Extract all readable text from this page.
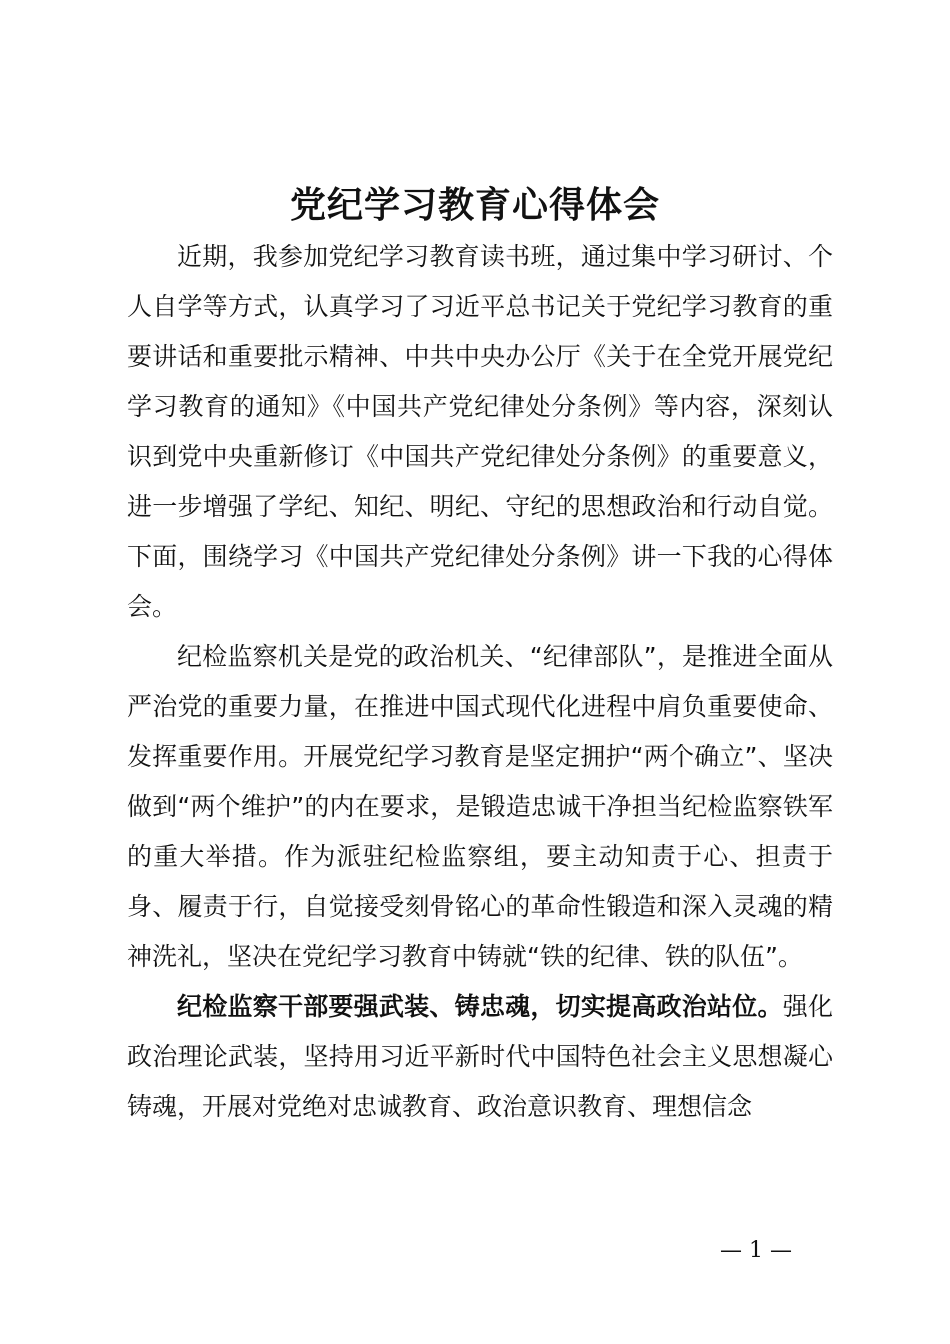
党纪学习教育心得体会

近期，我参加党纪学习教育读书班，通过集中学习研讨、个人自学等方式，认真学习了习近平总书记关于党纪学习教育的重要讲话和重要批示精神、中共中央办公厅《关于在全党开展党纪学习教育的通知》《中国共产党纪律处分条例》等内容，深刻认识到党中央重新修订《中国共产党纪律处分条例》的重要意义，进一步增强了学纪、知纪、明纪、守纪的思想政治和行动自觉。下面，围绕学习《中国共产党纪律处分条例》讲一下我的心得体会。

纪检监察机关是党的政治机关、“纪律部队”，是推进全面从严治党的重要力量，在推进中国式现代化进程中肩负重要使命、发挥重要作用。开展党纪学习教育是坚定拥护“两个确立”、坚决做到“两个维护”的内在要求，是锻造忠诚干净担当纪检监察铁军的重大举措。作为派驻纪检监察组，要主动知责于心、担责于身、履责于行，自觉接受刻骨铭心的革命性锻造和深入灵魂的精神洗礼，坚决在党纪学习教育中铸就“铁的纪律、铁的队伍”。

纪检监察干部要强武装、铸忠魂，切实提高政治站位。强化政治理论武装，坚持用习近平新时代中国特色社会主义思想凝心铸魂，开展对党绝对忠诚教育、政治意识教育、理想信念

— 1 —
